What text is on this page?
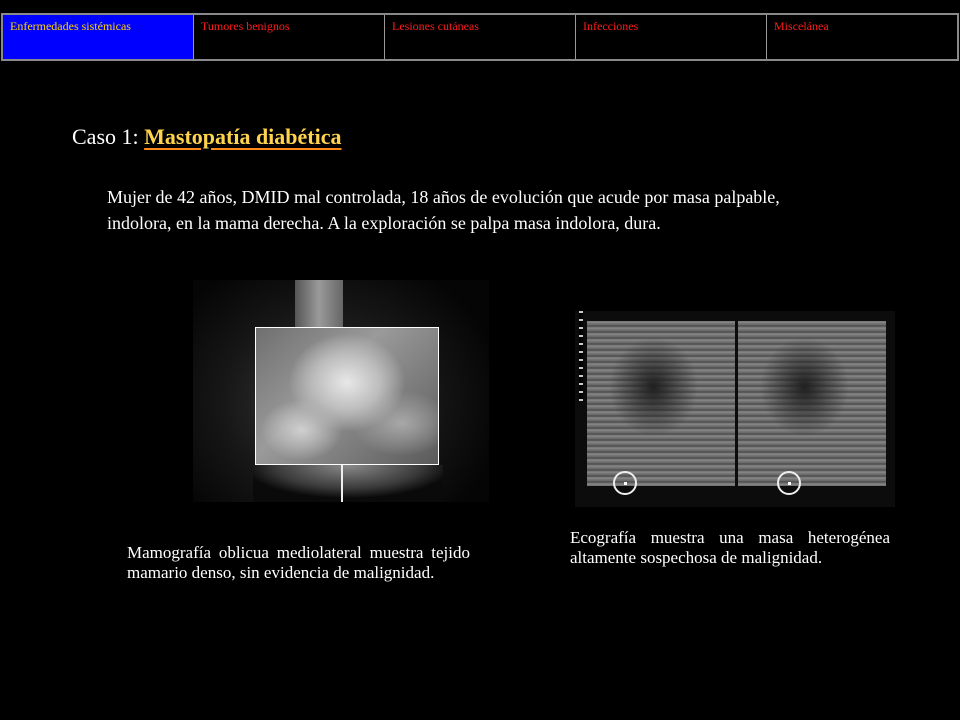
Enfermedades sistémicas	Tumores benignos	Lesiones cutáneas	Infecciones	Miscelánea
Caso 1: Mastopatía diabética
Mujer de 42 años, DMID mal controlada, 18 años de evolución que acude por masa palpable, indolora, en la mama derecha. A la exploración se palpa masa indolora, dura.
Mamografía oblicua mediolateral muestra tejido mamario denso, sin evidencia de malignidad.
Ecografía muestra una masa heterogénea altamente sospechosa de malignidad.
